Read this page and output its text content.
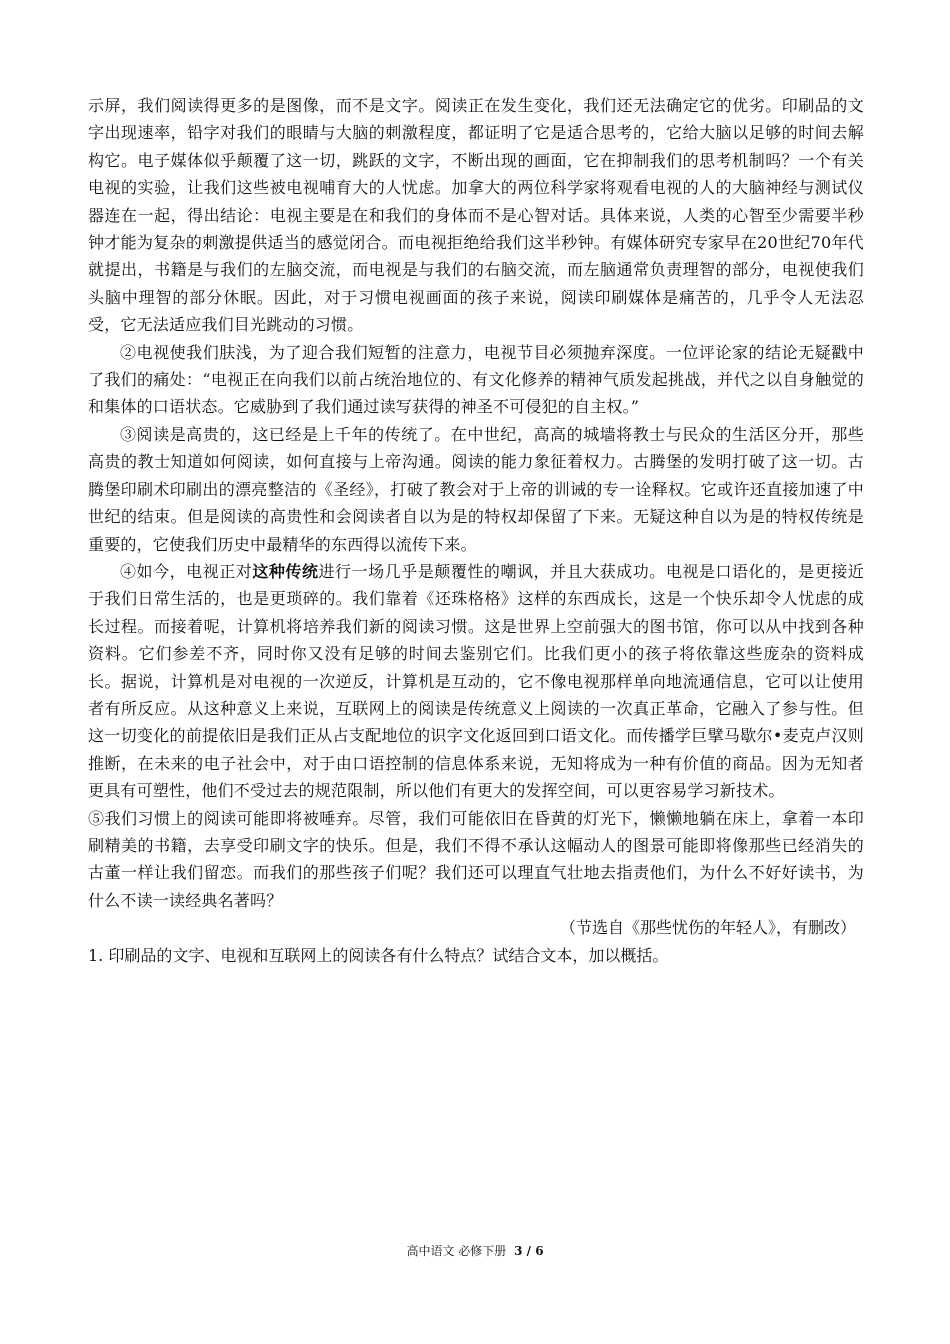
示屏，我们阅读得更多的是图像，而不是文字。阅读正在发生变化，我们还无法确定它的优劣。印刷品的文字出现速率，铅字对我们的眼睛与大脑的刺激程度，都证明了它是适合思考的，它给大脑以足够的时间去解构它。电子媒体似乎颠覆了这一切，跳跃的文字，不断出现的画面，它在抑制我们的思考机制吗？一个有关电视的实验，让我们这些被电视哺育大的人忧虑。加拿大的两位科学家将观看电视的人的大脑神经与测试仪器连在一起，得出结论：电视主要是在和我们的身体而不是心智对话。具体来说，人类的心智至少需要半秒钟才能为复杂的刺激提供适当的感觉闭合。而电视拒绝给我们这半秒钟。有媒体研究专家早在20世纪70年代就提出，书籍是与我们的左脑交流，而电视是与我们的右脑交流，而左脑通常负责理智的部分，电视使我们头脑中理智的部分休眠。因此，对于习惯电视画面的孩子来说，阅读印刷媒体是痛苦的，几乎令人无法忍受，它无法适应我们目光跳动的习惯。

②电视使我们肤浅，为了迎合我们短暂的注意力，电视节目必须抛弃深度。一位评论家的结论无疑戳中了我们的痛处：“电视正在向我们以前占统治地位的、有文化修养的精神气质发起挑战，并代之以自身触觉的和集体的口语状态。它威胁到了我们通过读写获得的神圣不可侵犯的自主权。”

③阅读是高贵的，这已经是上千年的传统了。在中世纪，高高的城墙将教士与民众的生活区分开，那些高贵的教士知道如何阅读，如何直接与上帝沟通。阅读的能力象征着权力。古腾堡的发明打破了这一切。古腾堡印刷术印刷出的漂亮整洁的《圣经》，打破了教会对于上帝的训诫的专一诠释权。它或许还直接加速了中世纪的结束。但是阅读的高贵性和会阅读者自以为是的特权却保留了下来。无疑这种自以为是的特权传统是重要的，它使我们历史中最精华的东西得以流传下来。

④如今，电视正对这种传统进行一场几乎是颠覆性的嘲讽，并且大获成功。电视是口语化的，是更接近于我们日常生活的，也是更琐碎的。我们靠着《还珠格格》这样的东西成长，这是一个快乐却令人忧虑的成长过程。而接着呢，计算机将培养我们新的阅读习惯。这是世界上空前强大的图书馆，你可以从中找到各种资料。它们参差不齐，同时你又没有足够的时间去鉴别它们。比我们更小的孩子将依靠这些庞杂的资料成长。据说，计算机是对电视的一次逆反，计算机是互动的，它不像电视那样单向地流通信息，它可以让使用者有所反应。从这种意义上来说，互联网上的阅读是传统意义上阅读的一次真正革命，它融入了参与性。但这一切变化的前提依旧是我们正从占支配地位的识字文化返回到口语文化。而传播学巨擘马歇尔•麦克卢汉则推断，在未来的电子社会中，对于由口语控制的信息体系来说，无知将成为一种有价值的商品。因为无知者更具有可塑性，他们不受过去的规范限制，所以他们有更大的发挥空间，可以更容易学习新技术。

⑤我们习惯上的阅读可能即将被唾弃。尽管，我们可能依旧在昏黄的灯光下，懒懒地躺在床上，拿着一本印刷精美的书籍，去享受印刷文字的快乐。但是，我们不得不承认这幅动人的图景可能即将像那些已经消失的古董一样让我们留恋。而我们的那些孩子们呢？我们还可以理直气壮地去指责他们，为什么不好好读书，为什么不读一读经典名著吗？

（节选自《那些忧伤的年轻人》，有删改）

1. 印刷品的文字、电视和互联网上的阅读各有什么特点？试结合文本，加以概括。

高中语文 必修下册 3 / 6
